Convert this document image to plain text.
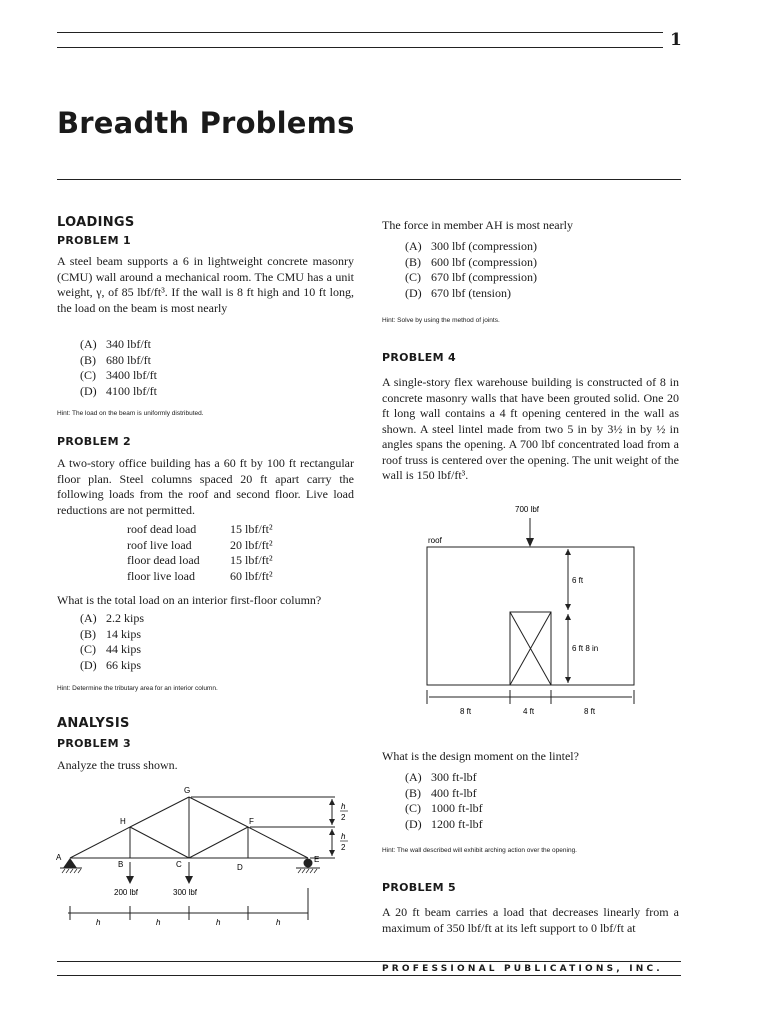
1
Breadth Problems
LOADINGS
PROBLEM 1
A steel beam supports a 6 in lightweight concrete masonry (CMU) wall around a mechanical room. The CMU has a unit weight, γ, of 85 lbf/ft³. If the wall is 8 ft high and 10 ft long, the load on the beam is most nearly
(A) 340 lbf/ft
(B) 680 lbf/ft
(C) 3400 lbf/ft
(D) 4100 lbf/ft
Hint: The load on the beam is uniformly distributed.
PROBLEM 2
A two-story office building has a 60 ft by 100 ft rectangular floor plan. Steel columns spaced 20 ft apart carry the following loads from the roof and second floor. Live load reductions are not permitted.
roof dead load	15 lbf/ft²
roof live load	20 lbf/ft²
floor dead load	15 lbf/ft²
floor live load	60 lbf/ft²
What is the total load on an interior first-floor column?
(A) 2.2 kips
(B) 14 kips
(C) 44 kips
(D) 66 kips
Hint: Determine the tributary area for an interior column.
ANALYSIS
PROBLEM 3
Analyze the truss shown.
A
B	C	D
E
F
G
H
200 lbf	300 lbf
h	h	h	h
h
2
h
2
The force in member AH is most nearly
(A) 300 lbf (compression)
(B) 600 lbf (compression)
(C) 670 lbf (compression)
(D) 670 lbf (tension)
Hint: Solve by using the method of joints.
PROBLEM 4
A single-story flex warehouse building is constructed of 8 in concrete masonry walls that have been grouted solid. One 20 ft long wall contains a 4 ft opening centered in the wall as shown. A steel lintel made from two 5 in by 3½ in by ½ in angles spans the opening. A 700 lbf concentrated load from a roof truss is centered over the opening. The unit weight of the wall is 150 lbf/ft³.
700 lbf
roof
6 ft
6 ft 8 in
8 ft	4 ft	8 ft
What is the design moment on the lintel?
(A) 300 ft-lbf
(B) 400 ft-lbf
(C) 1000 ft-lbf
(D) 1200 ft-lbf
Hint: The wall described will exhibit arching action over the opening.
PROBLEM 5
A 20 ft beam carries a load that decreases linearly from a maximum of 350 lbf/ft at its left support to 0 lbf/ft at
PROFESSIONAL PUBLICATIONS, INC.
